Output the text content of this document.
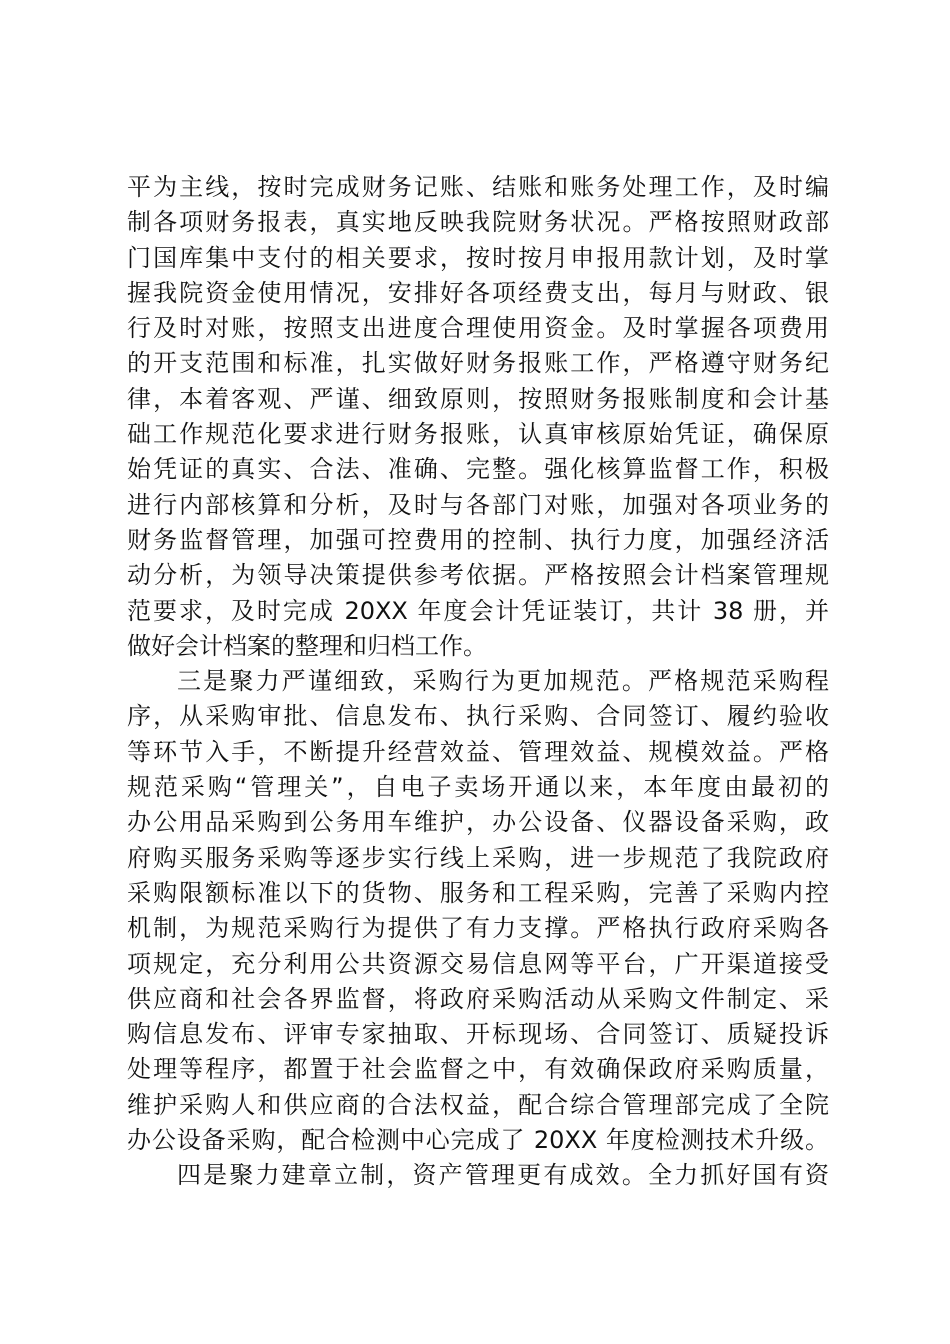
平为主线，按时完成财务记账、结账和账务处理工作，及时编
制各项财务报表，真实地反映我院财务状况。严格按照财政部
门国库集中支付的相关要求，按时按月申报用款计划，及时掌
握我院资金使用情况，安排好各项经费支出，每月与财政、银
行及时对账，按照支出进度合理使用资金。及时掌握各项费用
的开支范围和标准，扎实做好财务报账工作，严格遵守财务纪
律，本着客观、严谨、细致原则，按照财务报账制度和会计基
础工作规范化要求进行财务报账，认真审核原始凭证，确保原
始凭证的真实、合法、准确、完整。强化核算监督工作，积极
进行内部核算和分析，及时与各部门对账，加强对各项业务的
财务监督管理，加强可控费用的控制、执行力度，加强经济活
动分析，为领导决策提供参考依据。严格按照会计档案管理规
范要求，及时完成 20XX 年度会计凭证装订，共计 38 册，并
做好会计档案的整理和归档工作。
三是聚力严谨细致，采购行为更加规范。严格规范采购程
序，从采购审批、信息发布、执行采购、合同签订、履约验收
等环节入手，不断提升经营效益、管理效益、规模效益。严格
规范采购“管理关”，自电子卖场开通以来，本年度由最初的
办公用品采购到公务用车维护，办公设备、仪器设备采购，政
府购买服务采购等逐步实行线上采购，进一步规范了我院政府
采购限额标准以下的货物、服务和工程采购，完善了采购内控
机制，为规范采购行为提供了有力支撑。严格执行政府采购各
项规定，充分利用公共资源交易信息网等平台，广开渠道接受
供应商和社会各界监督，将政府采购活动从采购文件制定、采
购信息发布、评审专家抽取、开标现场、合同签订、质疑投诉
处理等程序，都置于社会监督之中，有效确保政府采购质量，
维护采购人和供应商的合法权益，配合综合管理部完成了全院
办公设备采购，配合检测中心完成了 20XX 年度检测技术升级。
四是聚力建章立制，资产管理更有成效。全力抓好国有资
